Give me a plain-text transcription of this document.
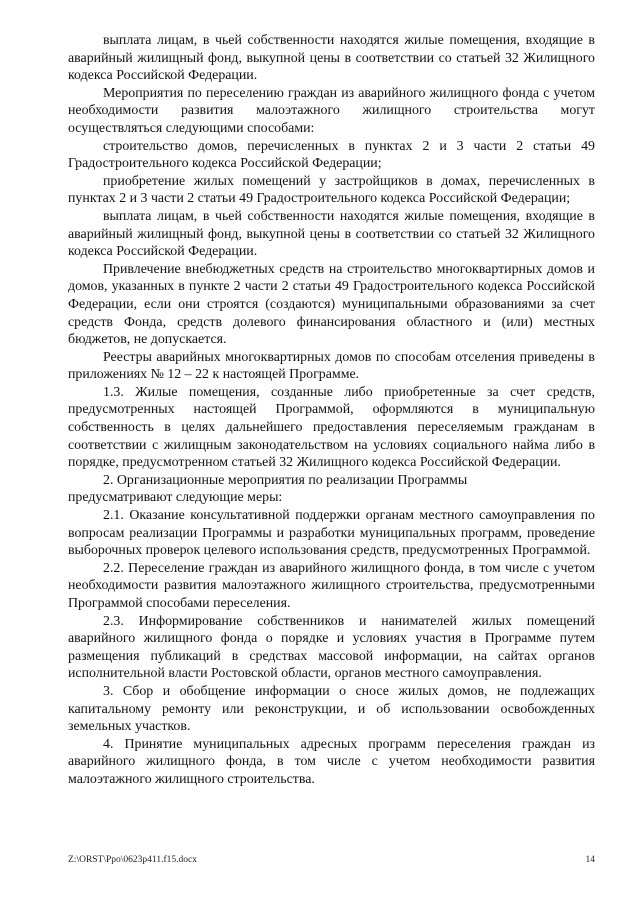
выплата лицам, в чьей собственности находятся жилые помещения, входящие в аварийный жилищный фонд, выкупной цены в соответствии со статьей 32 Жилищного кодекса Российской Федерации.

Мероприятия по переселению граждан из аварийного жилищного фонда с учетом необходимости развития малоэтажного жилищного строительства могут осуществляться следующими способами:

строительство домов, перечисленных в пунктах 2 и 3 части 2 статьи 49 Градостроительного кодекса Российской Федерации;

приобретение жилых помещений у застройщиков в домах, перечисленных в пунктах 2 и 3 части 2 статьи 49 Градостроительного кодекса Российской Федерации;

выплата лицам, в чьей собственности находятся жилые помещения, входящие в аварийный жилищный фонд, выкупной цены в соответствии со статьей 32 Жилищного кодекса Российской Федерации.

Привлечение внебюджетных средств на строительство многоквартирных домов и домов, указанных в пункте 2 части 2 статьи 49 Градостроительного кодекса Российской Федерации, если они строятся (создаются) муниципальными образованиями за счет средств Фонда, средств долевого финансирования областного и (или) местных бюджетов, не допускается.

Реестры аварийных многоквартирных домов по способам отселения приведены в приложениях № 12 – 22 к настоящей Программе.

1.3. Жилые помещения, созданные либо приобретенные за счет средств, предусмотренных настоящей Программой, оформляются в муниципальную собственность в целях дальнейшего предоставления переселяемым гражданам в соответствии с жилищным законодательством на условиях социального найма либо в порядке, предусмотренном статьей 32 Жилищного кодекса Российской Федерации.

2. Организационные мероприятия по реализации Программы
предусматривают следующие меры:

2.1. Оказание консультативной поддержки органам местного самоуправления по вопросам реализации Программы и разработки муниципальных программ, проведение выборочных проверок целевого использования средств, предусмотренных Программой.

2.2. Переселение граждан из аварийного жилищного фонда, в том числе с учетом необходимости развития малоэтажного жилищного строительства, предусмотренными Программой способами переселения.

2.3. Информирование собственников и нанимателей жилых помещений аварийного жилищного фонда о порядке и условиях участия в Программе путем размещения публикаций в средствах массовой информации, на сайтах органов исполнительной власти Ростовской области, органов местного самоуправления.

3. Сбор и обобщение информации о сносе жилых домов, не подлежащих капитальному ремонту или реконструкции, и об использовании освобожденных земельных участков.

4. Принятие муниципальных адресных программ переселения граждан из аварийного жилищного фонда, в том числе с учетом необходимости развития малоэтажного жилищного строительства.

Z:\ORST\Ppo\0623p411.f15.docx	14
